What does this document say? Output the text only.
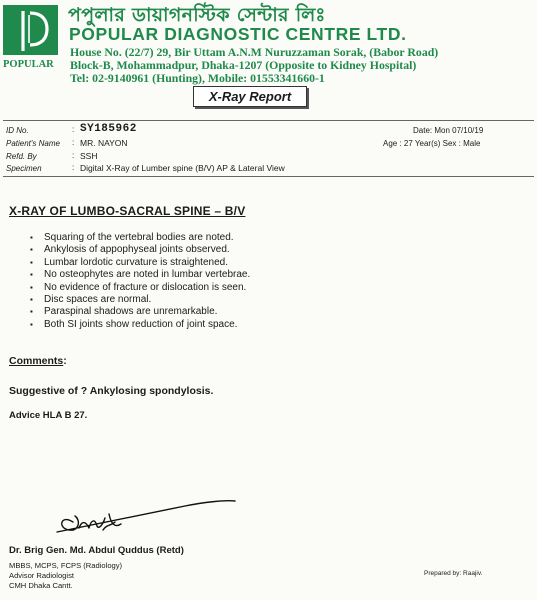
POPULAR
পপুলার ডায়াগনস্টিক সেন্টার লিঃ
POPULAR DIAGNOSTIC CENTRE LTD.
House No. (22/7) 29, Bir Uttam A.N.M Nuruzzaman Sorak, (Babor Road)
Block-B, Mohammadpur, Dhaka-1207 (Opposite to Kidney Hospital)
Tel: 02-9140961 (Hunting), Mobile: 01553341660-1
X-Ray Report
ID No.	: SY185962
Patient's Name : MR. NAYON
Refd. By	: SSH
Specimen	: Digital X-Ray of Lumber spine (B/V) AP & Lateral View
Date: Mon 07/10/19
Age : 27 Year(s) Sex : Male
X-RAY OF LUMBO-SACRAL SPINE – B/V
▪ Squaring of the vertebral bodies are noted.
▪ Ankylosis of appophyseal joints observed.
▪ Lumbar lordotic curvature is straightened.
▪ No osteophytes are noted in lumbar vertebrae.
▪ No evidence of fracture or dislocation is seen.
▪ Disc spaces are normal.
▪ Paraspinal shadows are unremarkable.
▪ Both SI joints show reduction of joint space.
Comments:
Suggestive of ? Ankylosing spondylosis.
Advice HLA B 27.
Dr. Brig Gen. Md. Abdul Quddus (Retd)
MBBS, MCPS, FCPS (Radiology)
Advisor Radiologist
CMH Dhaka Cantt.
Prepared by: Raajiv.
